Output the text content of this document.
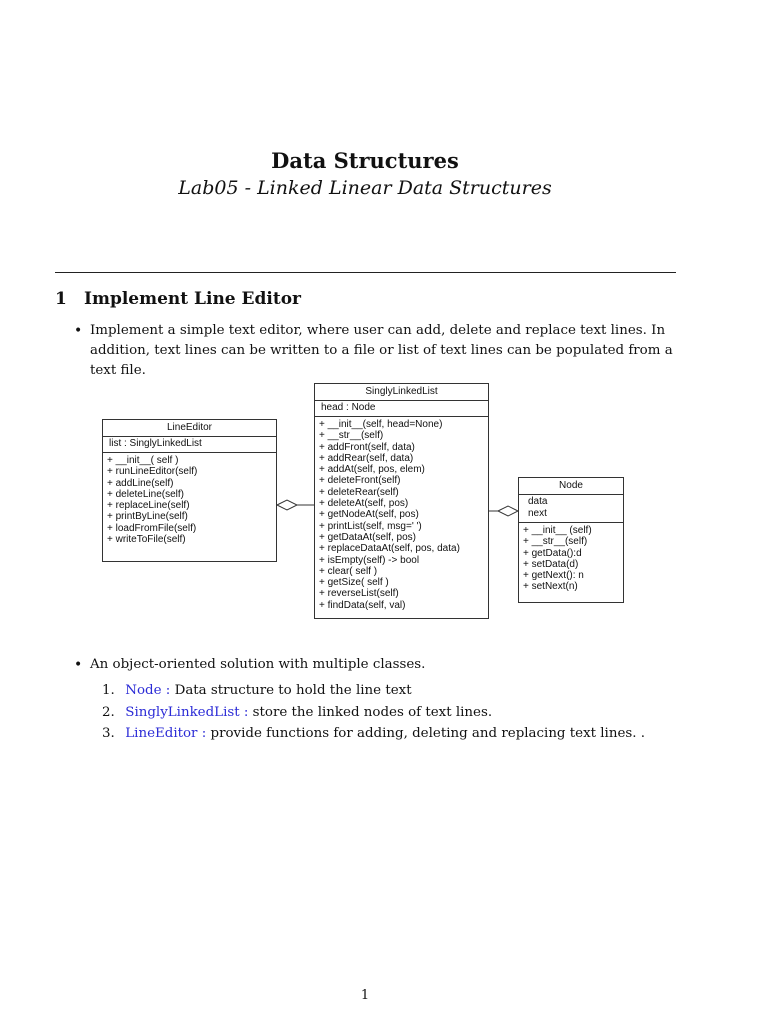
Data Structures
Lab05 - Linked Linear Data Structures
1 Implement Line Editor
• Implement a simple text editor, where user can add, delete and replace text lines. In addition, text lines can be written to a file or list of text lines can be populated from a text file.
LineEditor
list : SinglyLinkedList
+ __init__( self )
+ runLineEditor(self)
+ addLine(self)
+ deleteLine(self)
+ replaceLine(self)
+ printByLine(self)
+ loadFromFile(self)
+ writeToFile(self)
SinglyLinkedList
head : Node
+ __init__(self, head=None)
+ __str__(self)
+ addFront(self, data)
+ addRear(self, data)
+ addAt(self, pos, elem)
+ deleteFront(self)
+ deleteRear(self)
+ deleteAt(self, pos)
+ getNodeAt(self, pos)
+ printList(self, msg=' ')
+ getDataAt(self, pos)
+ replaceDataAt(self, pos, data)
+ isEmpty(self) -> bool
+ clear( self )
+ getSize( self )
+ reverseList(self)
+ findData(self, val)
Node
data
next
+ __init__ (self)
+ __str__(self)
+ getData():d
+ setData(d)
+ getNext(): n
+ setNext(n)
• An object-oriented solution with multiple classes.
1. Node : Data structure to hold the line text
2. SinglyLinkedList : store the linked nodes of text lines.
3. LineEditor : provide functions for adding, deleting and replacing text lines. .
1
